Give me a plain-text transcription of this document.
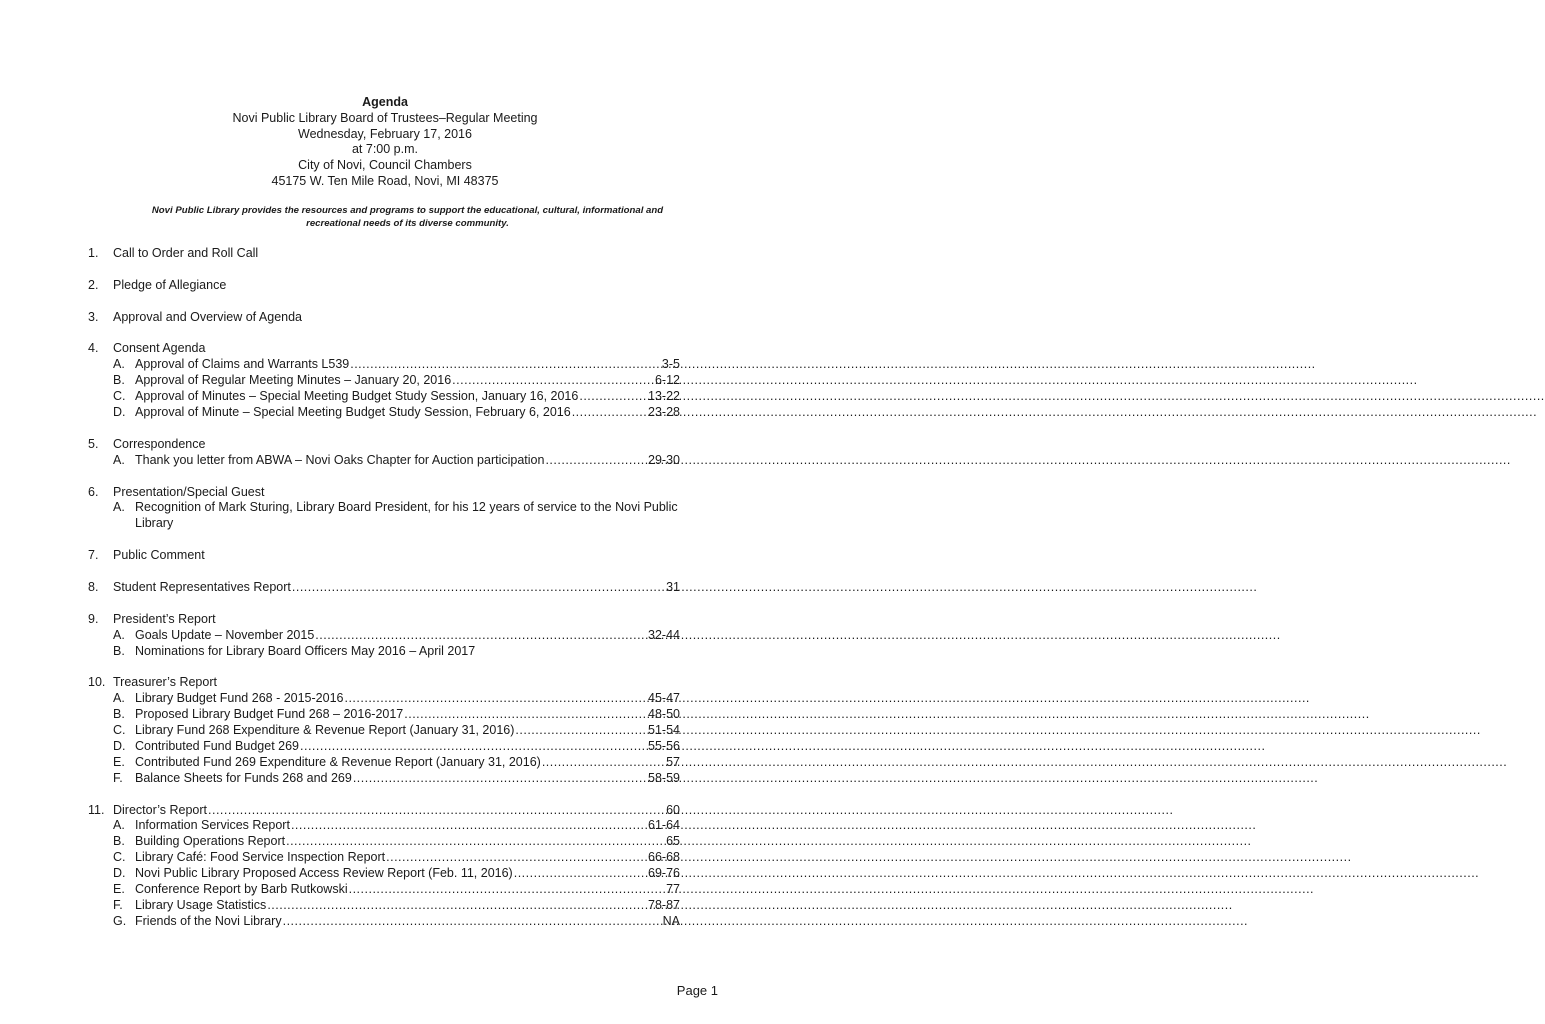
Agenda
Novi Public Library Board of Trustees–Regular Meeting
Wednesday, February 17, 2016
at 7:00 p.m.
City of Novi, Council Chambers
45175 W. Ten Mile Road, Novi, MI 48375
Novi Public Library provides the resources and programs to support the educational, cultural, informational and recreational needs of its diverse community.
1.	Call to Order and Roll Call
2.	Pledge of Allegiance
3.	Approval and Overview of Agenda
4.	Consent Agenda
A. Approval of Claims and Warrants L539 .....	3-5
B. Approval of Regular Meeting Minutes – January 20, 2016 .....	6-12
C. Approval of Minutes – Special Meeting Budget Study Session, January 16, 2016 .....	13-22
D. Approval of Minute – Special Meeting Budget Study Session, February 6, 2016 .....	23-28
5.	Correspondence
A. Thank you letter from ABWA – Novi Oaks Chapter for Auction participation .....	29-30
6.	Presentation/Special Guest
A. Recognition of Mark Sturing, Library Board President, for his 12 years of service to the Novi Public Library
7.	Public Comment
8.	Student Representatives Report .....	31
9.	President’s Report
A. Goals Update – November 2015 .....	32-44
B. Nominations for Library Board Officers May 2016 – April 2017
10. Treasurer’s Report
A. Library Budget Fund 268 - 2015-2016 .....	45-47
B. Proposed Library Budget Fund 268 – 2016-2017 .....	48-50
C. Library Fund 268 Expenditure & Revenue Report (January 31, 2016) .....	51-54
D. Contributed Fund Budget 269 .....	55-56
E. Contributed Fund 269 Expenditure & Revenue Report (January 31, 2016) .....	57
F. Balance Sheets for Funds 268 and 269 .....	58-59
11. Director’s Report .....	60
A. Information Services Report .....	61-64
B. Building Operations Report .....	65
C. Library Café: Food Service Inspection Report .....	66-68
D. Novi Public Library Proposed Access Review Report (Feb. 11, 2016) .....	69-76
E. Conference Report by Barb Rutkowski .....	77
F. Library Usage Statistics .....	78-87
G. Friends of the Novi Library .....	NA
Page 1
